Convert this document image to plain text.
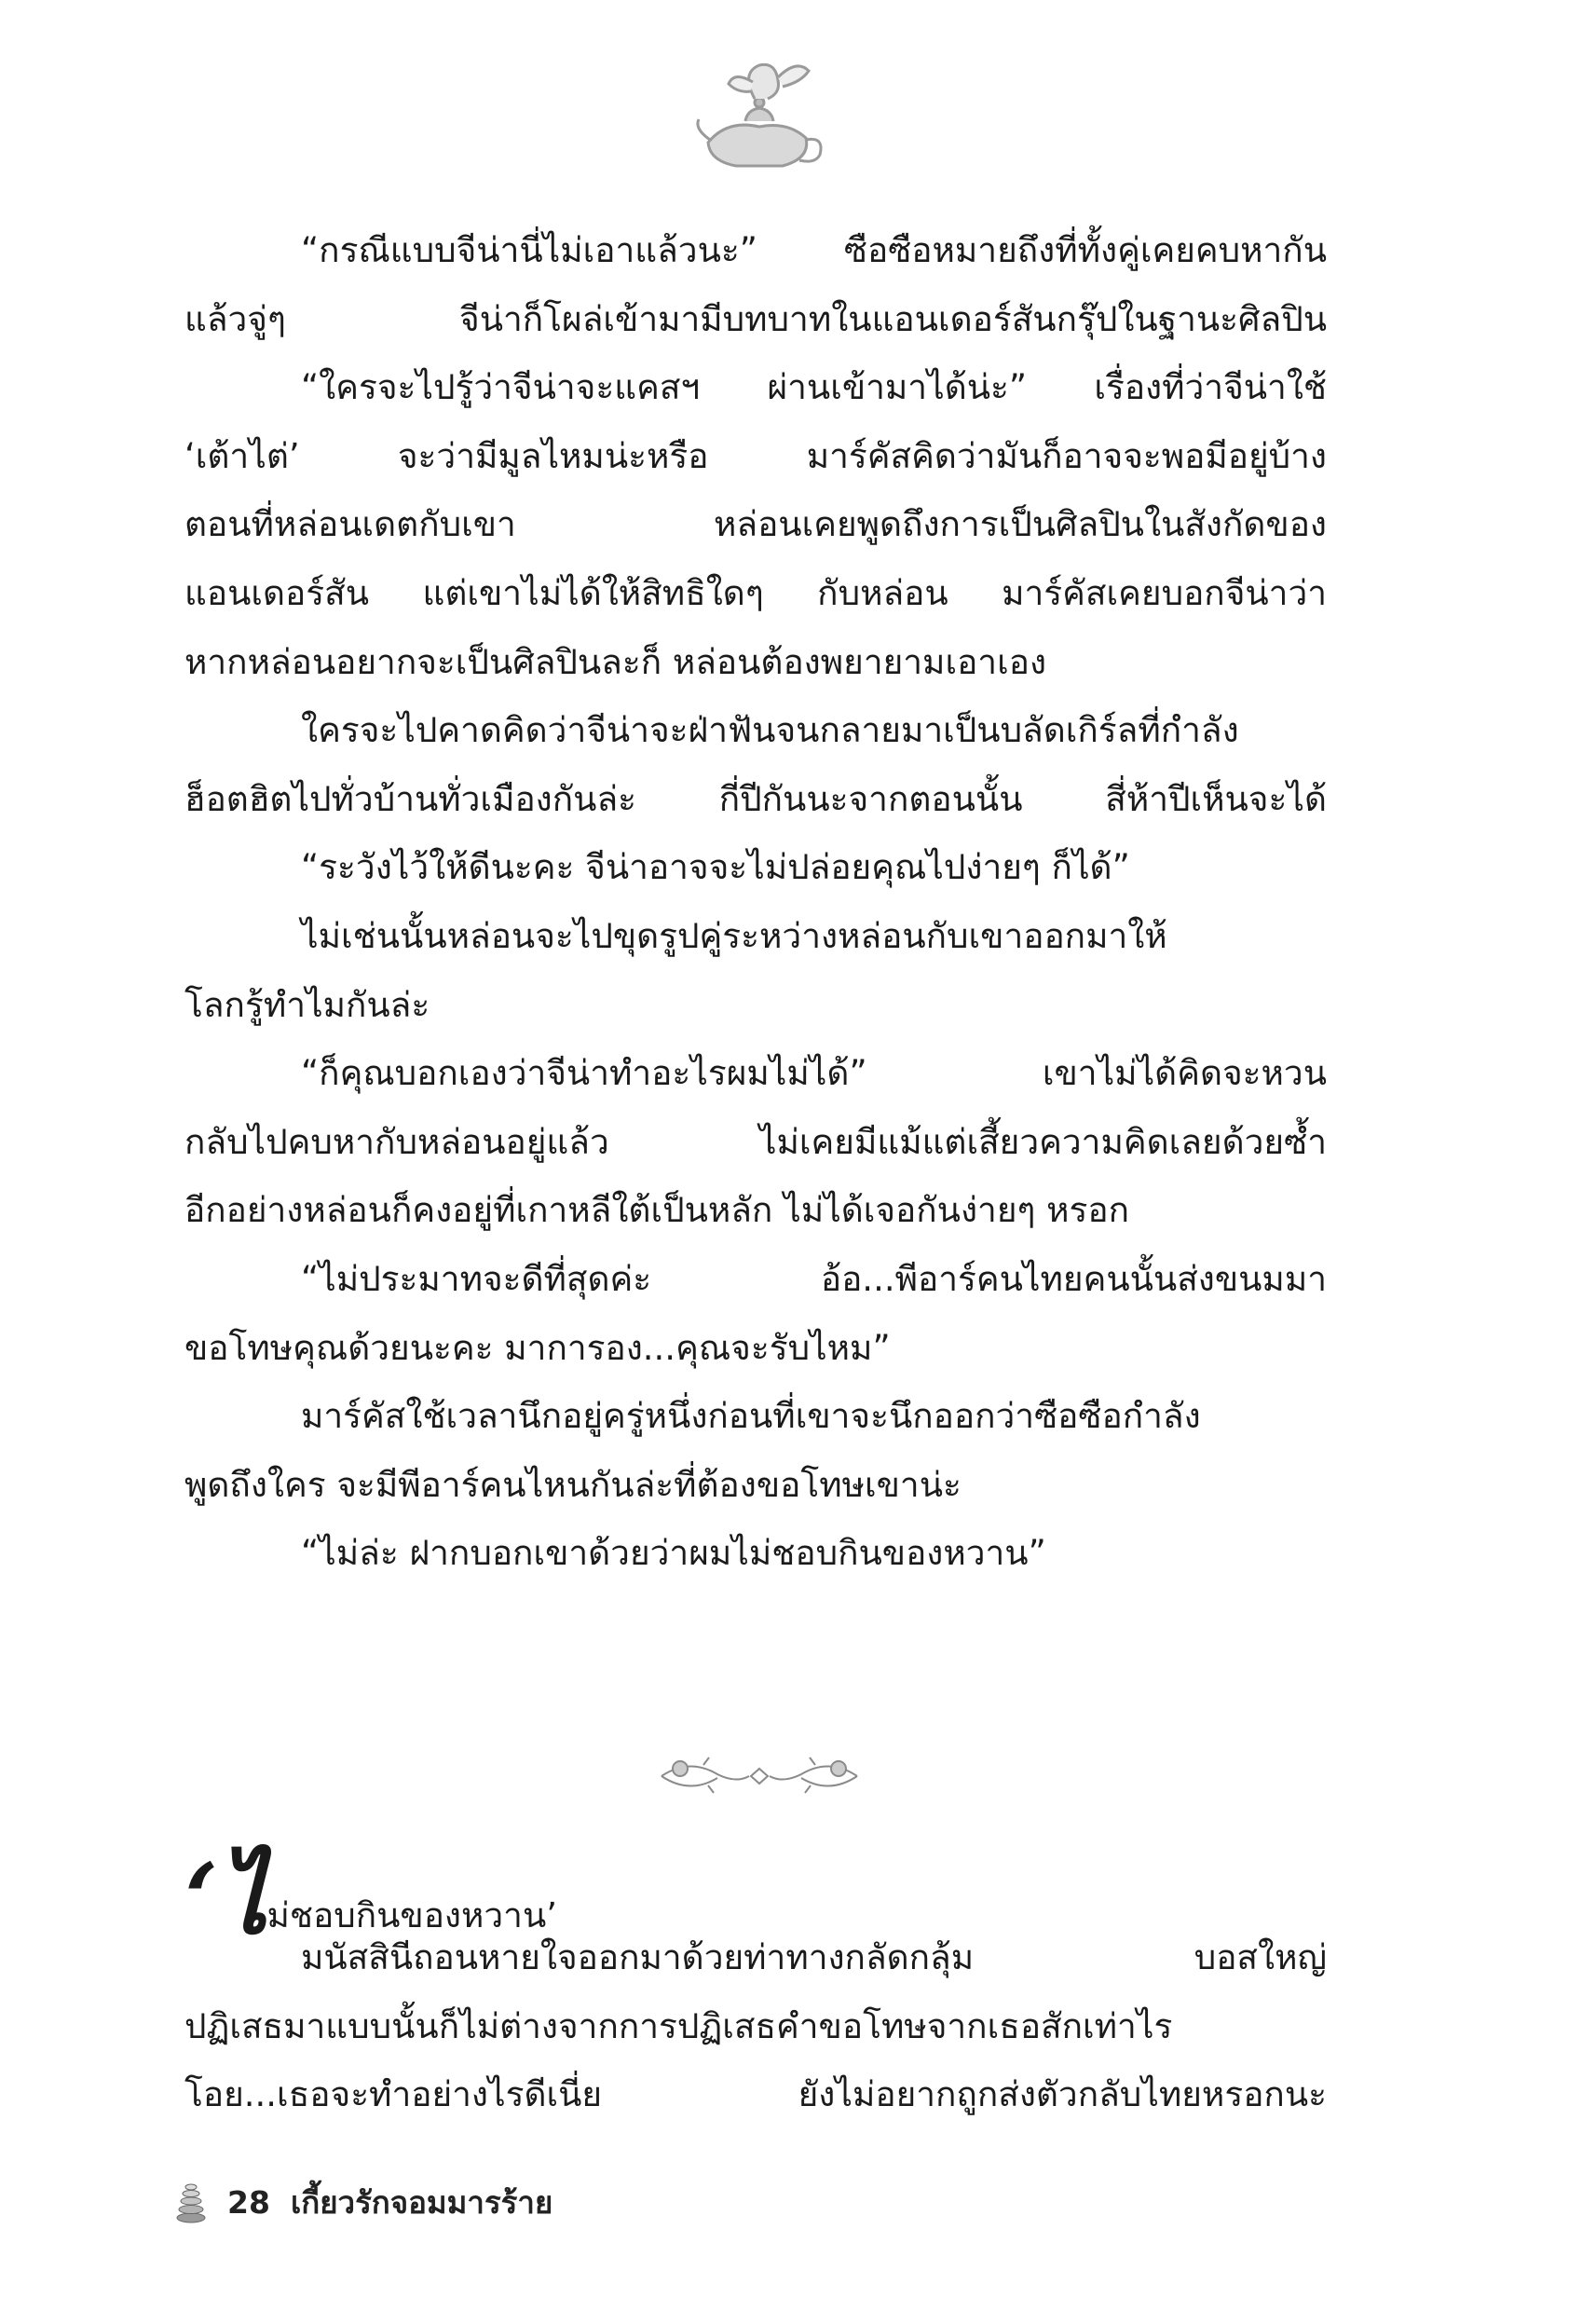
“กรณีแบบจีน่านี่ไม่เอาแล้วนะ” ซือซือหมายถึงที่ทั้งคู่เคยคบหากัน

แล้วจู่ๆ จีน่าก็โผล่เข้ามามีบทบาทในแอนเดอร์สันกรุ๊ปในฐานะศิลปิน

“ใครจะไปรู้ว่าจีน่าจะแคสฯ ผ่านเข้ามาได้น่ะ” เรื่องที่ว่าจีน่าใช้

‘เต้าไต่’ จะว่ามีมูลไหมน่ะหรือ มาร์คัสคิดว่ามันก็อาจจะพอมีอยู่บ้าง

ตอนที่หล่อนเดตกับเขา หล่อนเคยพูดถึงการเป็นศิลปินในสังกัดของ

แอนเดอร์สัน แต่เขาไม่ได้ให้สิทธิใดๆ กับหล่อน มาร์คัสเคยบอกจีน่าว่า

หากหล่อนอยากจะเป็นศิลปินละก็ หล่อนต้องพยายามเอาเอง

ใครจะไปคาดคิดว่าจีน่าจะฝ่าฟันจนกลายมาเป็นบลัดเกิร์ลที่กำลัง

ฮ็อตฮิตไปทั่วบ้านทั่วเมืองกันล่ะ กี่ปีกันนะจากตอนนั้น สี่ห้าปีเห็นจะได้

“ระวังไว้ให้ดีนะคะ จีน่าอาจจะไม่ปล่อยคุณไปง่ายๆ ก็ได้”

ไม่เช่นนั้นหล่อนจะไปขุดรูปคู่ระหว่างหล่อนกับเขาออกมาให้

โลกรู้ทำไมกันล่ะ

“ก็คุณบอกเองว่าจีน่าทำอะไรผมไม่ได้” เขาไม่ได้คิดจะหวน

กลับไปคบหากับหล่อนอยู่แล้ว ไม่เคยมีแม้แต่เสี้ยวความคิดเลยด้วยซ้ำ

อีกอย่างหล่อนก็คงอยู่ที่เกาหลีใต้เป็นหลัก ไม่ได้เจอกันง่ายๆ หรอก

“ไม่ประมาทจะดีที่สุดค่ะ อ้อ...พีอาร์คนไทยคนนั้นส่งขนมมา

ขอโทษคุณด้วยนะคะ มาการอง...คุณจะรับไหม”

มาร์คัสใช้เวลานึกอยู่ครู่หนึ่งก่อนที่เขาจะนึกออกว่าซือซือกำลัง

พูดถึงใคร จะมีพีอาร์คนไหนกันล่ะที่ต้องขอโทษเขาน่ะ

“ไม่ล่ะ ฝากบอกเขาด้วยว่าผมไม่ชอบกินของหวาน”

‘ไม่ชอบกินของหวาน’

มนัสสินีถอนหายใจออกมาด้วยท่าทางกลัดกลุ้ม บอสใหญ่

ปฏิเสธมาแบบนั้นก็ไม่ต่างจากการปฏิเสธคำขอโทษจากเธอสักเท่าไร

โอย...เธอจะทำอย่างไรดีเนี่ย ยังไม่อยากถูกส่งตัวกลับไทยหรอกนะ

28 เกี้ยวรักจอมมารร้าย
